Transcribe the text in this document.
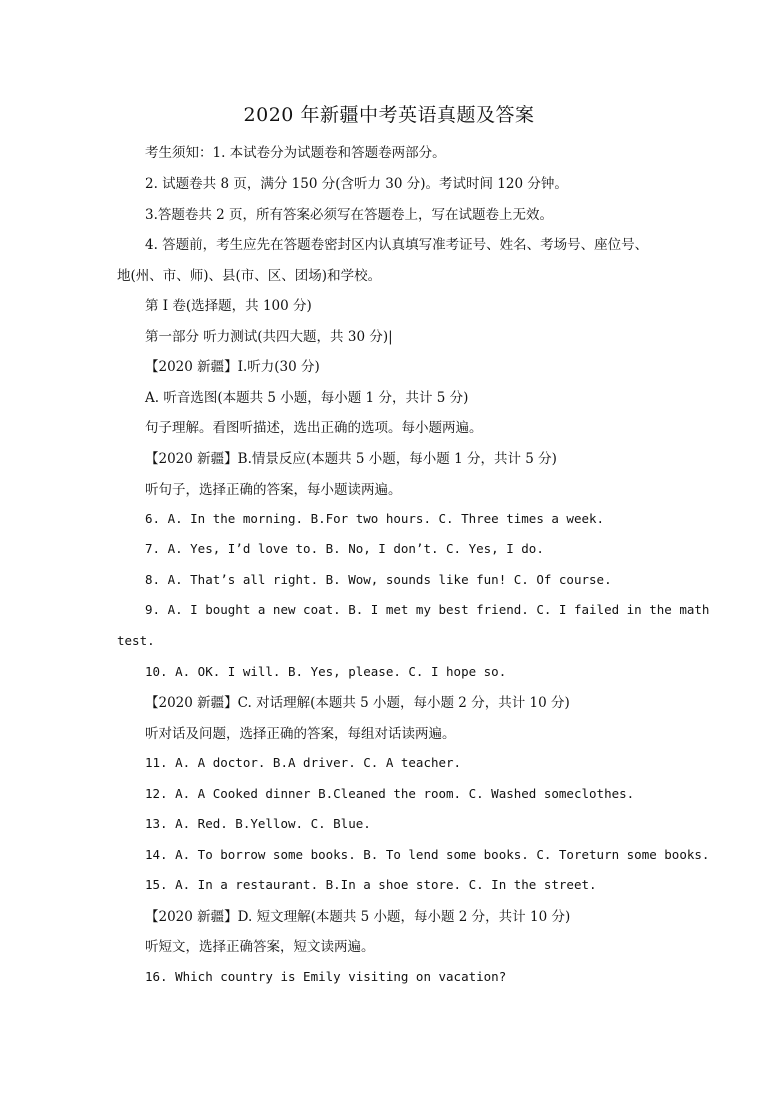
2020 年新疆中考英语真题及答案
考生须知：1. 本试卷分为试题卷和答题卷两部分。
2. 试题卷共 8 页，满分 150 分(含听力 30 分)。考试时间 120 分钟。
3.答题卷共 2 页，所有答案必须写在答题卷上，写在试题卷上无效。
4. 答题前，考生应先在答题卷密封区内认真填写准考证号、姓名、考场号、座位号、
地(州、市、师)、县(市、区、团场)和学校。
第 I 卷(选择题，共 100 分)
第一部分 听力测试(共四大题，共 30 分)|
【2020 新疆】I.听力(30 分)
A. 听音选图(本题共 5 小题，每小题 1 分，共计 5 分)
句子理解。看图听描述，选出正确的选项。每小题两遍。
【2020 新疆】B.情景反应(本题共 5 小题，每小题 1 分，共计 5 分)
听句子，选择正确的答案，每小题读两遍。
6. A. In the morning. B.For two hours. C. Three times a week.
7. A. Yes, I’d love to. B. No, I don’t. C. Yes, I do.
8. A. That’s all right. B. Wow, sounds like fun! C. Of course.
9. A. I bought a new coat. B. I met my best friend. C. I failed in the math
test.
10. A. OK. I will. B. Yes, please. C. I hope so.
【2020 新疆】C. 对话理解(本题共 5 小题，每小题 2 分，共计 10 分)
听对话及问题，选择正确的答案，每组对话读两遍。
11. A. A doctor. B.A driver. C. A teacher.
12. A. A Cooked dinner B.Cleaned the room. C. Washed someclothes.
13. A. Red. B.Yellow. C. Blue.
14. A. To borrow some books. B. To lend some books. C. Toreturn some books.
15. A. In a restaurant. B.In a shoe store. C. In the street.
【2020 新疆】D. 短文理解(本题共 5 小题，每小题 2 分，共计 10 分)
听短文，选择正确答案，短文读两遍。
16. Which country is Emily visiting on vacation?
